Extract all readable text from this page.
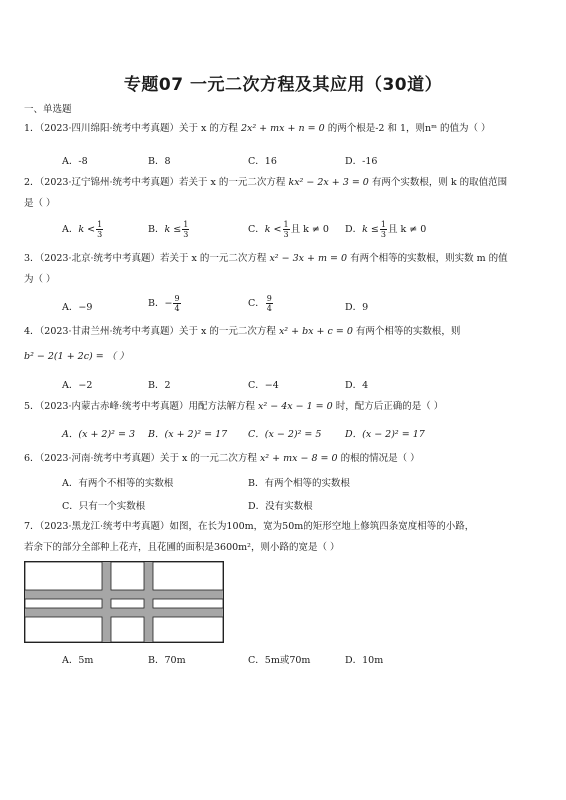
专题07 一元二次方程及其应用（30道）
一、单选题
1．（2023·四川绵阳·统考中考真题）关于 x 的方程 2x² + mx + n = 0 的两个根是-2 和 1，则nᵐ 的值为（ ）
A．-8	B．8	C．16	D．-16
2．（2023·辽宁锦州·统考中考真题）若关于 x 的一元二次方程 kx² − 2x + 3 = 0 有两个实数根，则 k 的取值范围
是（ ）
A．$k < \frac{1}{3}$	B．$k \le \frac{1}{3}$	C．$k < \frac{1}{3}$ 且 k ≠ 0 D．$k \le \frac{1}{3}$ 且 k ≠ 0
3．（2023·北京·统考中考真题）若关于 x 的一元二次方程 x² − 3x + m = 0 有两个相等的实数根，则实数 m 的值
为（ ）
A．−9	B．− $\frac{9}{4}$	C． $\frac{9}{4}$	D．9
4．（2023·甘肃兰州·统考中考真题）关于 x 的一元二次方程 x² + bx + c = 0 有两个相等的实数根，则
b² − 2(1 + 2c) = （ ）
A．−2	B．2	C．−4	D．4
5．（2023·内蒙古赤峰·统考中考真题）用配方法解方程 x² − 4x − 1 = 0 时，配方后正确的是（ ）
A．(x + 2)² = 3 B．(x + 2)² = 17 C．(x − 2)² = 5 D．(x − 2)² = 17
6．（2023·河南·统考中考真题）关于 x 的一元二次方程 x² + mx − 8 = 0 的根的情况是（ ）
A．有两个不相等的实数根	B．有两个相等的实数根
C．只有一个实数根	D．没有实数根
7．（2023·黑龙江·统考中考真题）如图，在长为100m，宽为50m的矩形空地上修筑四条宽度相等的小路，
若余下的部分全部种上花卉，且花圃的面积是3600m²，则小路的宽是（ ）
A．5m	B．70m	C．5m或70m	D．10m
